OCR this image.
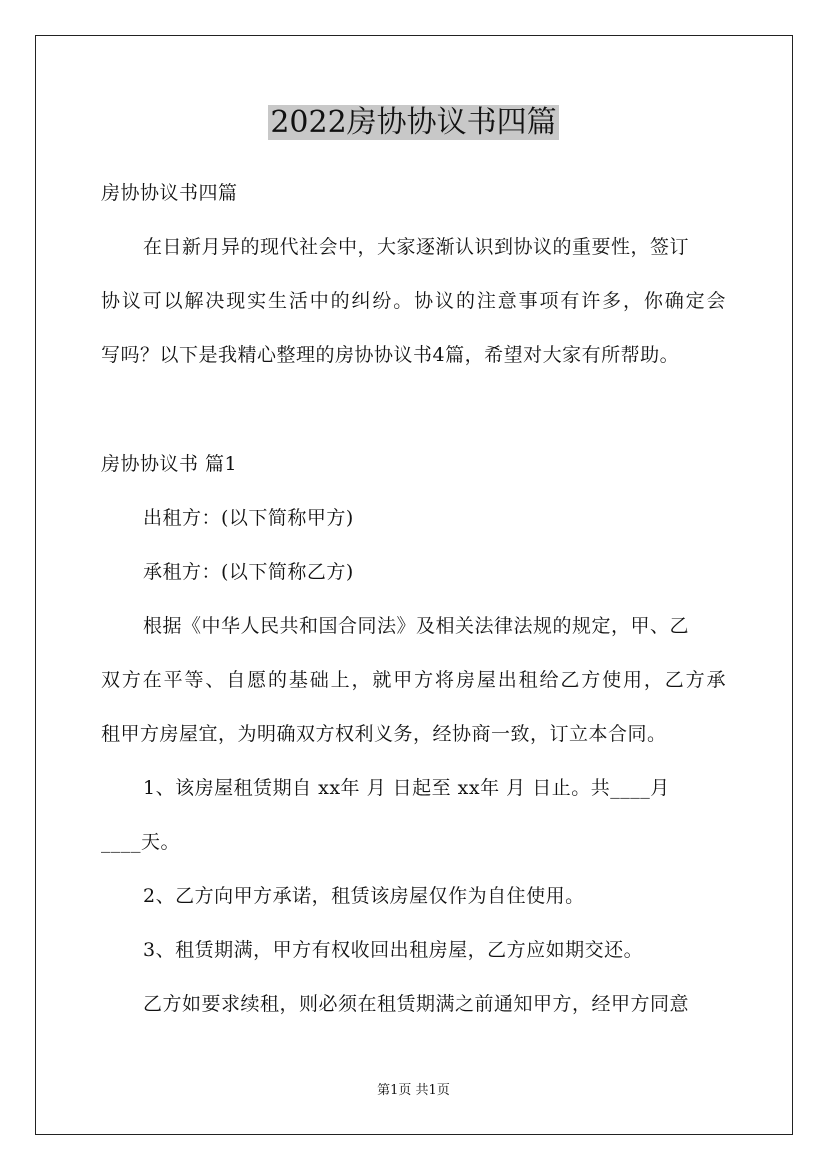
2022房协协议书四篇
房协协议书四篇
在日新月异的现代社会中，大家逐渐认识到协议的重要性，签订
协议可以解决现实生活中的纠纷。协议的注意事项有许多，你确定会
写吗？以下是我精心整理的房协协议书4篇，希望对大家有所帮助。
房协协议书 篇1
出租方：(以下简称甲方)
承租方：(以下简称乙方)
根据《中华人民共和国合同法》及相关法律法规的规定，甲、乙
双方在平等、自愿的基础上，就甲方将房屋出租给乙方使用，乙方承
租甲方房屋宜，为明确双方权利义务，经协商一致，订立本合同。
1、该房屋租赁期自 xx年 月 日起至 xx年 月 日止。共____月
____天。
2、乙方向甲方承诺，租赁该房屋仅作为自住使用。
3、租赁期满，甲方有权收回出租房屋，乙方应如期交还。
乙方如要求续租，则必须在租赁期满之前通知甲方，经甲方同意
第1页 共1页
